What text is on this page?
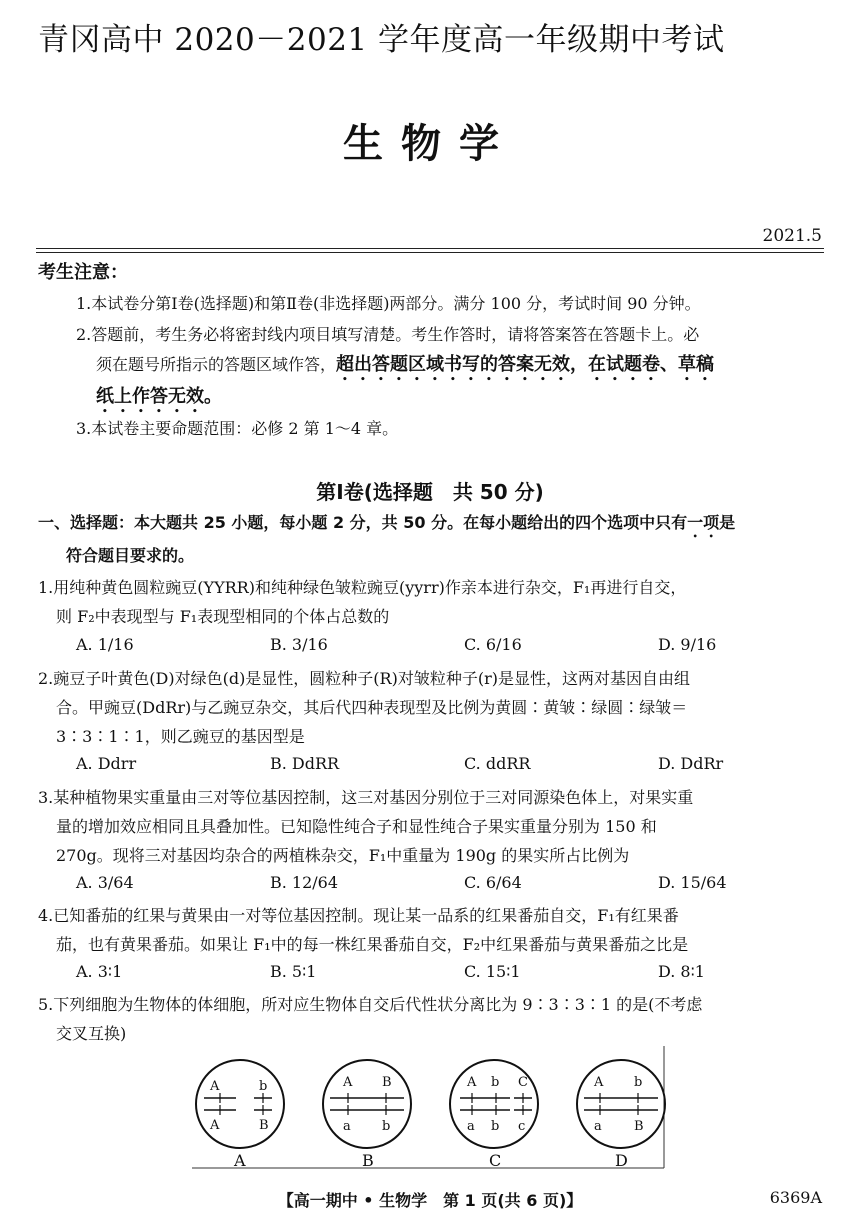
青冈高中 2020－2021 学年度高一年级期中考试
生物学
2021.5
考生注意：
1.本试卷分第Ⅰ卷(选择题)和第Ⅱ卷(非选择题)两部分。满分 100 分，考试时间 90 分钟。
2.答题前，考生务必将密封线内项目填写清楚。考生作答时，请将答案答在答题卡上。必
须在题号所指示的答题区域作答，超出答题区域书写的答案无效，在试题卷、草稿
纸上作答无效。
3.本试卷主要命题范围：必修 2 第 1～4 章。
第Ⅰ卷(选择题　共 50 分)
一、选择题：本大题共 25 小题，每小题 2 分，共 50 分。在每小题给出的四个选项中只有一项是
符合题目要求的。
1.用纯种黄色圆粒豌豆(YYRR)和纯种绿色皱粒豌豆(yyrr)作亲本进行杂交，F₁再进行自交，
则 F₂中表现型与 F₁表现型相同的个体占总数的
A. 1/16	B. 3/16	C. 6/16	D. 9/16
2.豌豆子叶黄色(D)对绿色(d)是显性，圆粒种子(R)对皱粒种子(r)是显性，这两对基因自由组
合。甲豌豆(DdRr)与乙豌豆杂交，其后代四种表现型及比例为黄圆∶黄皱∶绿圆∶绿皱＝
3∶3∶1∶1，则乙豌豆的基因型是
A. Ddrr	B. DdRR	C. ddRR	D. DdRr
3.某种植物果实重量由三对等位基因控制，这三对基因分别位于三对同源染色体上，对果实重
量的增加效应相同且具叠加性。已知隐性纯合子和显性纯合子果实重量分别为 150 和
270g。现将三对基因均杂合的两植株杂交，F₁中重量为 190g 的果实所占比例为
A. 3/64	B. 12/64	C. 6/64	D. 15/64
4.已知番茄的红果与黄果由一对等位基因控制。现让某一品系的红果番茄自交，F₁有红果番
茄，也有黄果番茄。如果让 F₁中的每一株红果番茄自交，F₂中红果番茄与黄果番茄之比是
A. 3∶1	B. 5∶1	C. 15∶1	D. 8∶1
5.下列细胞为生物体的体细胞，所对应生物体自交后代性状分离比为 9∶3∶3∶1 的是(不考虑
交叉互换)
A	b
A	B
A B
a b
A b C
a b c
A b
a B
A	B	C	D
【高一期中 • 生物学　第 1 页(共 6 页)】	6369A
